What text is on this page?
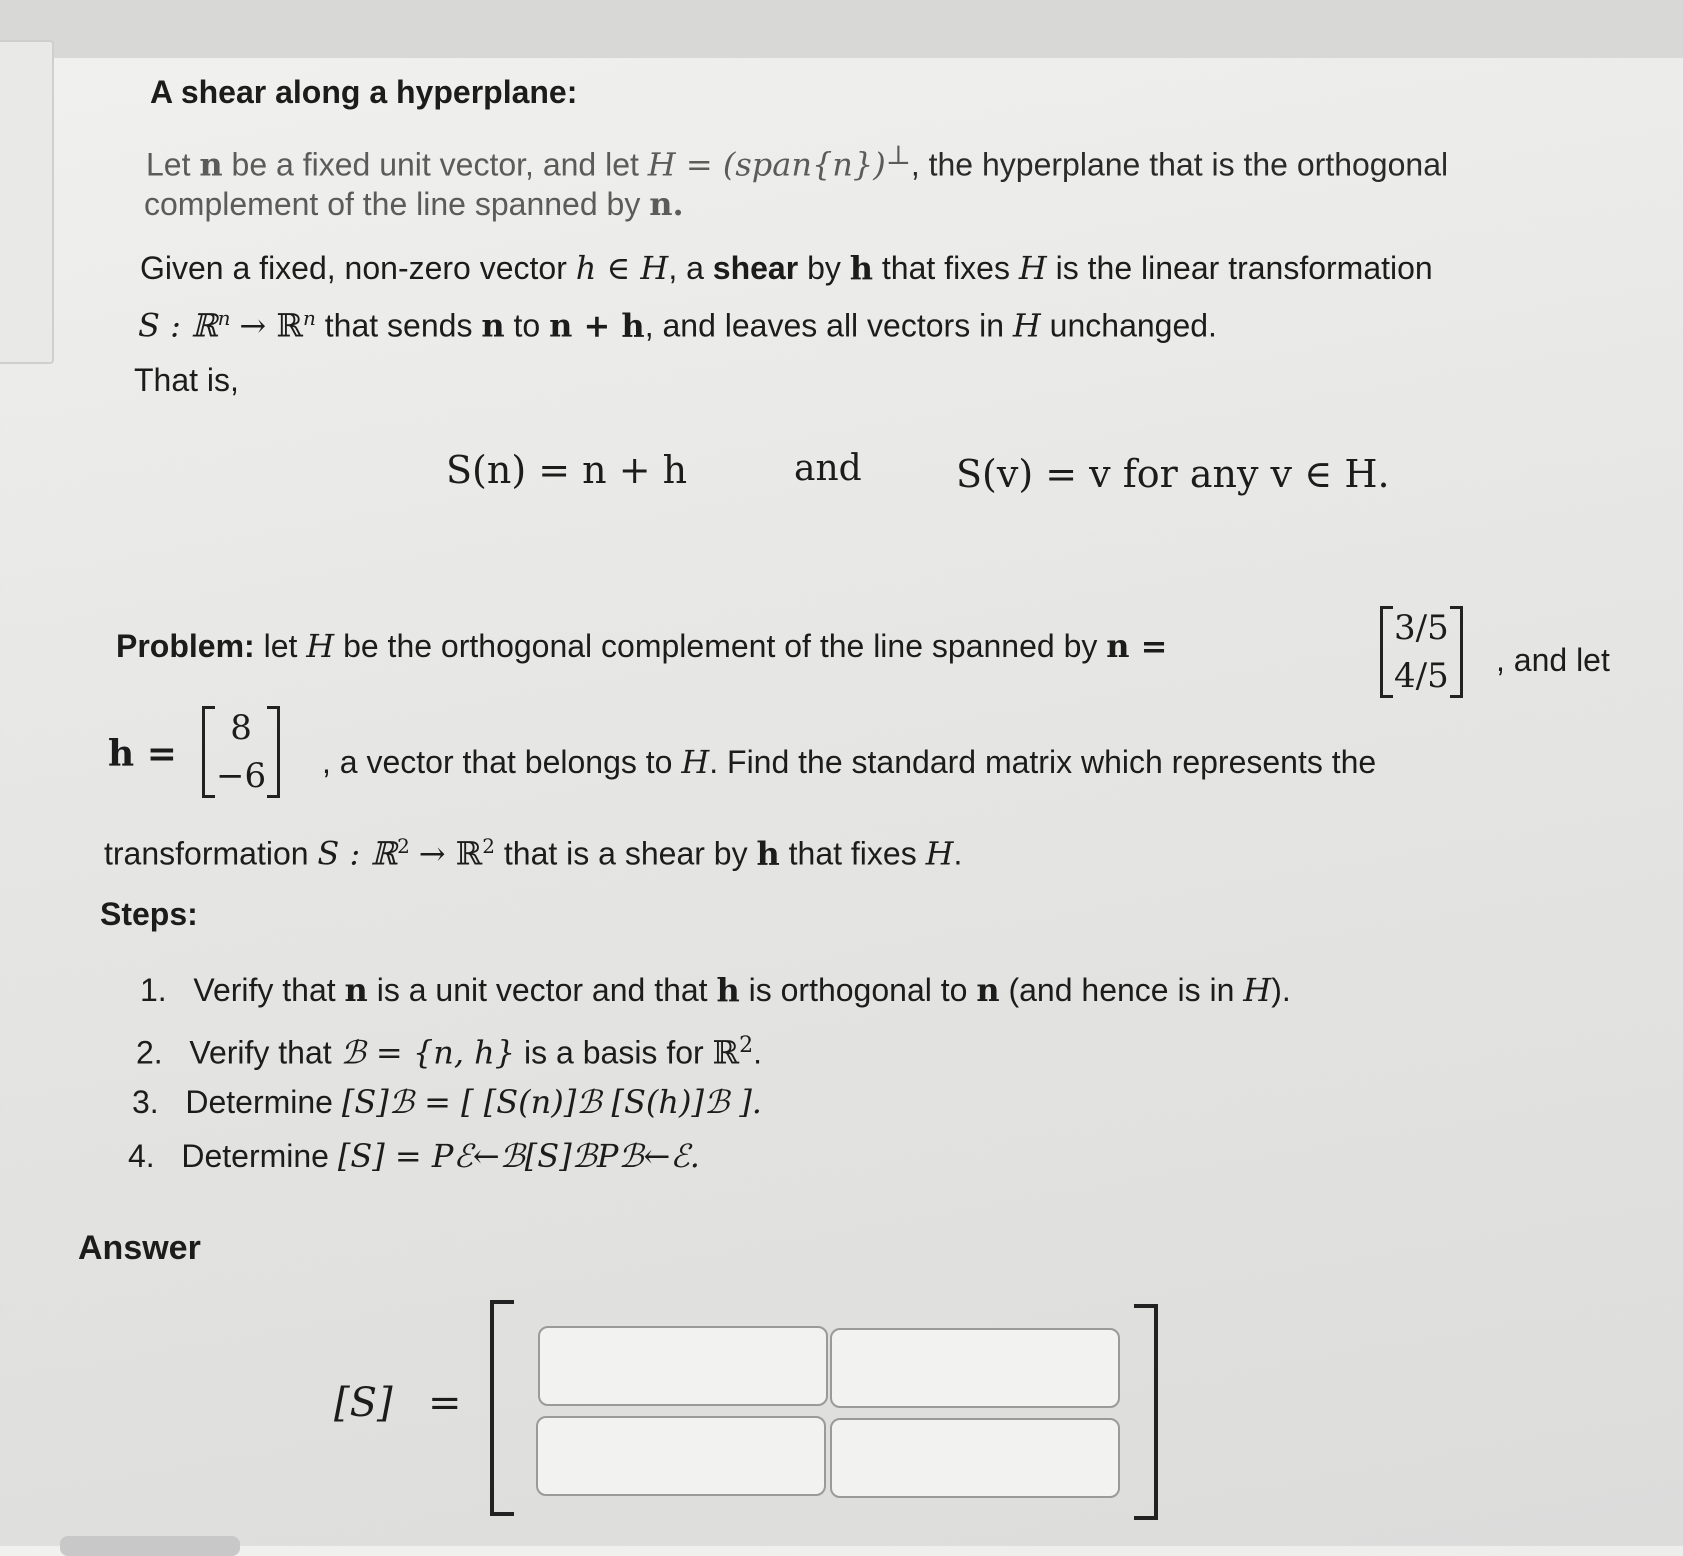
A shear along a hyperplane:
Let n be a fixed unit vector, and let H = (span{n})⊥, the hyperplane that is the orthogonal
complement of the line spanned by n.
Given a fixed, non-zero vector h ∈ H, a shear by h that fixes H is the linear transformation
S : ℝ$^n$ → ℝ$^n$ that sends n to n + h, and leaves all vectors in H unchanged.
That is,
S(n) = n + h	and S(v) = v for any v ∈ H.
Problem: let H be the orthogonal complement of the line spanned by n =	3/5
4/5 , and let
h =
8
−6 , a vector that belongs to H. Find the standard matrix which represents the
transformation S : ℝ$^2$ → ℝ$^2$ that is a shear by h that fixes H.
Steps:
1. Verify that n is a unit vector and that h is orthogonal to n (and hence is in H).
2. Verify that ℬ = {n, h} is a basis for ℝ$^2$.
3. Determine [S]ℬ = [ [S(n)]ℬ [S(h)]ℬ ].
4. Determine [S] = Pℰ←ℬ[S]ℬPℬ←ℰ.
Answer
[S] =
